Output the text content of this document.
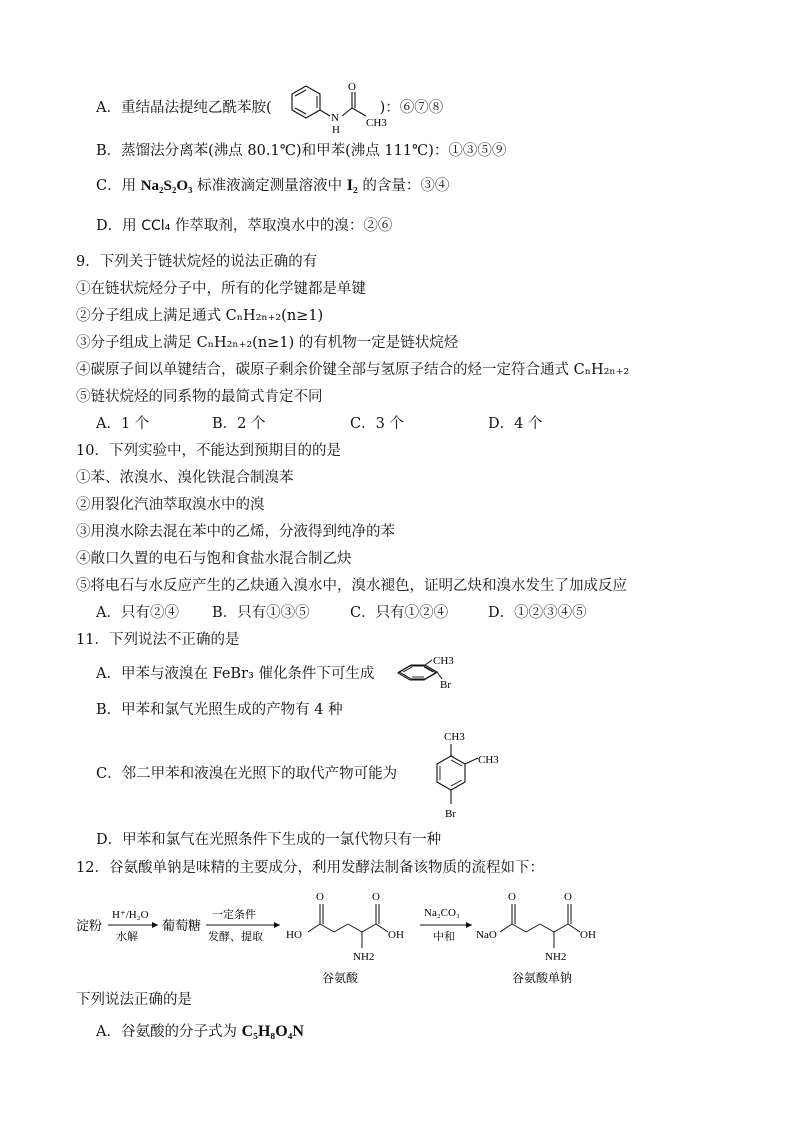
A．重结晶法提纯乙酰苯胺(	)：⑥⑦⑧
N
H
O
CH3
B．蒸馏法分离苯(沸点 80.1℃)和甲苯(沸点 111℃)：①③⑤⑨
C．用 Na₂S₂O₃ 标准液滴定测量溶液中 I₂ 的含量：③④
D．用 CCl₄ 作萃取剂，萃取溴水中的溴：②⑥
9．下列关于链状烷烃的说法正确的有
①在链状烷烃分子中，所有的化学键都是单键
②分子组成上满足通式 CₙH₂ₙ₊₂(n≥1)
③分子组成上满足 CₙH₂ₙ₊₂(n≥1) 的有机物一定是链状烷烃
④碳原子间以单键结合，碳原子剩余价键全部与氢原子结合的烃一定符合通式 CₙH₂ₙ₊₂
⑤链状烷烃的同系物的最简式肯定不同
A．1 个	B．2 个	C．3 个	D．4 个
10．下列实验中，不能达到预期目的的是
①苯、浓溴水、溴化铁混合制溴苯
②用裂化汽油萃取溴水中的溴
③用溴水除去混在苯中的乙烯，分液得到纯净的苯
④敞口久置的电石与饱和食盐水混合制乙炔
⑤将电石与水反应产生的乙炔通入溴水中，溴水褪色，证明乙炔和溴水发生了加成反应
A．只有②④ B．只有①③⑤	C．只有①②④	D．①②③④⑤
11．下列说法不正确的是
A．甲苯与液溴在 FeBr₃ 催化条件下可生成
CH3
Br
B．甲苯和氯气光照生成的产物有 4 种
C．邻二甲苯和液溴在光照下的取代产物可能为
CH3
CH3
Br
D．甲苯和氯气在光照条件下生成的一氯代物只有一种
12．谷氨酸单钠是味精的主要成分，利用发酵法制备该物质的流程如下：
淀粉
H⁺/H₂O
水解
葡萄糖
一定条件
发酵、提取 HO
O	O
OH
NH2
谷氨酸
Na₂CO₃
中和 NaO
O	O
OH
NH2
谷氨酸单钠
下列说法正确的是
A．谷氨酸的分子式为 C₅H₈O₄N
